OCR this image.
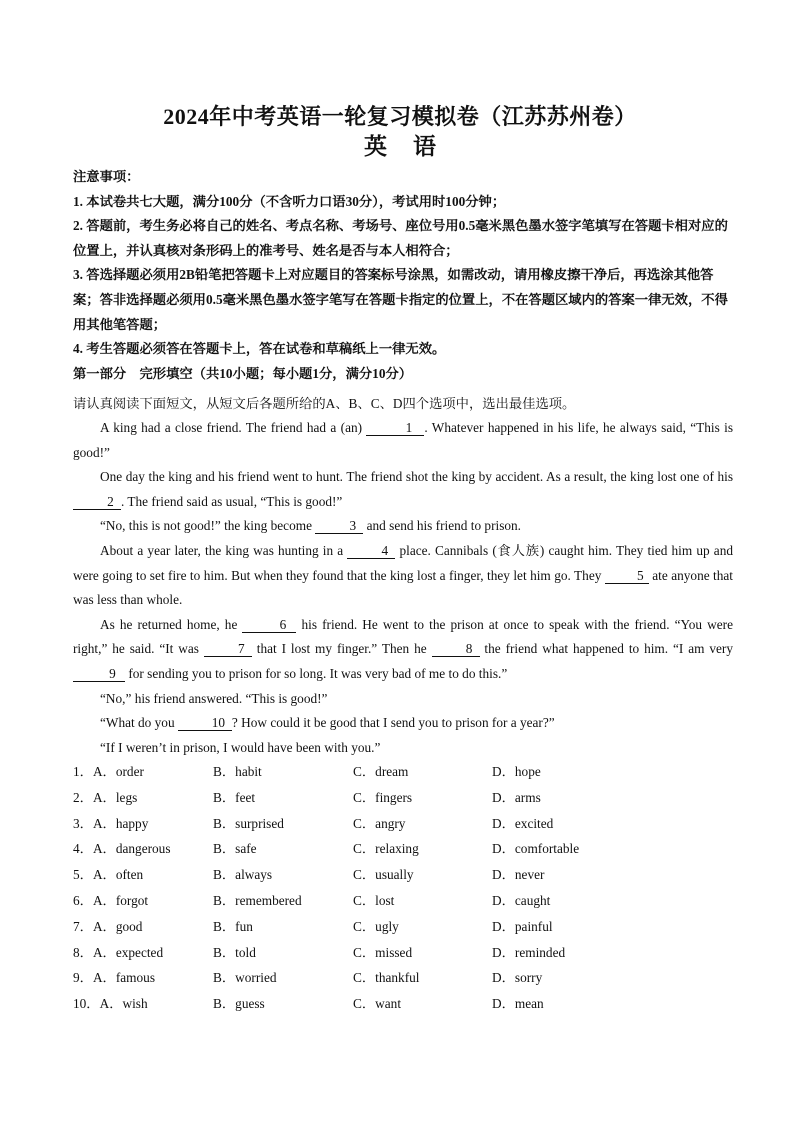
2024年中考英语一轮复习模拟卷（江苏苏州卷）
英语

注意事项：

1. 本试卷共七大题，满分100分（不含听力口语30分），考试用时100分钟；

2. 答题前，考生务必将自己的姓名、考点名称、考场号、座位号用0.5毫米黑色墨水签字笔填写在答题卡相对应的位置上，并认真核对条形码上的准考号、姓名是否与本人相符合；

3. 答选择题必须用2B铅笔把答题卡上对应题目的答案标号涂黑，如需改动，请用橡皮擦干净后，再选涂其他答案；答非选择题必须用0.5毫米黑色墨水签字笔写在答题卡指定的位置上，不在答题区域内的答案一律无效，不得用其他笔答题；

4. 考生答题必须答在答题卡上，答在试卷和草稿纸上一律无效。

第一部分　完形填空（共10小题；每小题1分，满分10分）

请认真阅读下面短文，从短文后各题所给的A、B、C、D四个选项中，选出最佳选项。

A king had a close friend. The friend had a (an)	1 . Whatever happened in his life, he always said, “This is good!”

One day the king and his friend went to hunt. The friend shot the king by accident. As a result, the king lost one of his 2 . The friend said as usual, “This is good!”

“No, this is not good!” the king become	3 and send his friend to prison.

About a year later, the king was hunting in a	4 place. Cannibals (食人族) caught him. They tied him up and were going to set fire to him. But when they found that the king lost a finger, they let him go. They 5 ate anyone that was less than whole.

As he returned home, he	6 his friend. He went to the prison at once to speak with the friend. “You were right,” he said. “It was	7 that I lost my finger.” Then he	8 the friend what happened to him. “I am very 9 for sending you to prison for so long. It was very bad of me to do this.”

“No,” his friend answered. “This is good!”

“What do you	10 ? How could it be good that I send you to prison for a year?”

“If I weren’t in prison, I would have been with you.”

1．A．order	B．habit	C．dream	D．hope
2．A．legs	B．feet	C．fingers	D．arms
3．A．happy	B．surprised	C．angry	D．excited
4．A．dangerous	B．safe	C．relaxing	D．comfortable
5．A．often	B．always	C．usually	D．never
6．A．forgot	B．remembered	C．lost	D．caught
7．A．good	B．fun	C．ugly	D．painful
8．A．expected	B．told	C．missed	D．reminded
9．A．famous	B．worried	C．thankful	D．sorry
10．A．wish	B．guess	C．want	D．mean
